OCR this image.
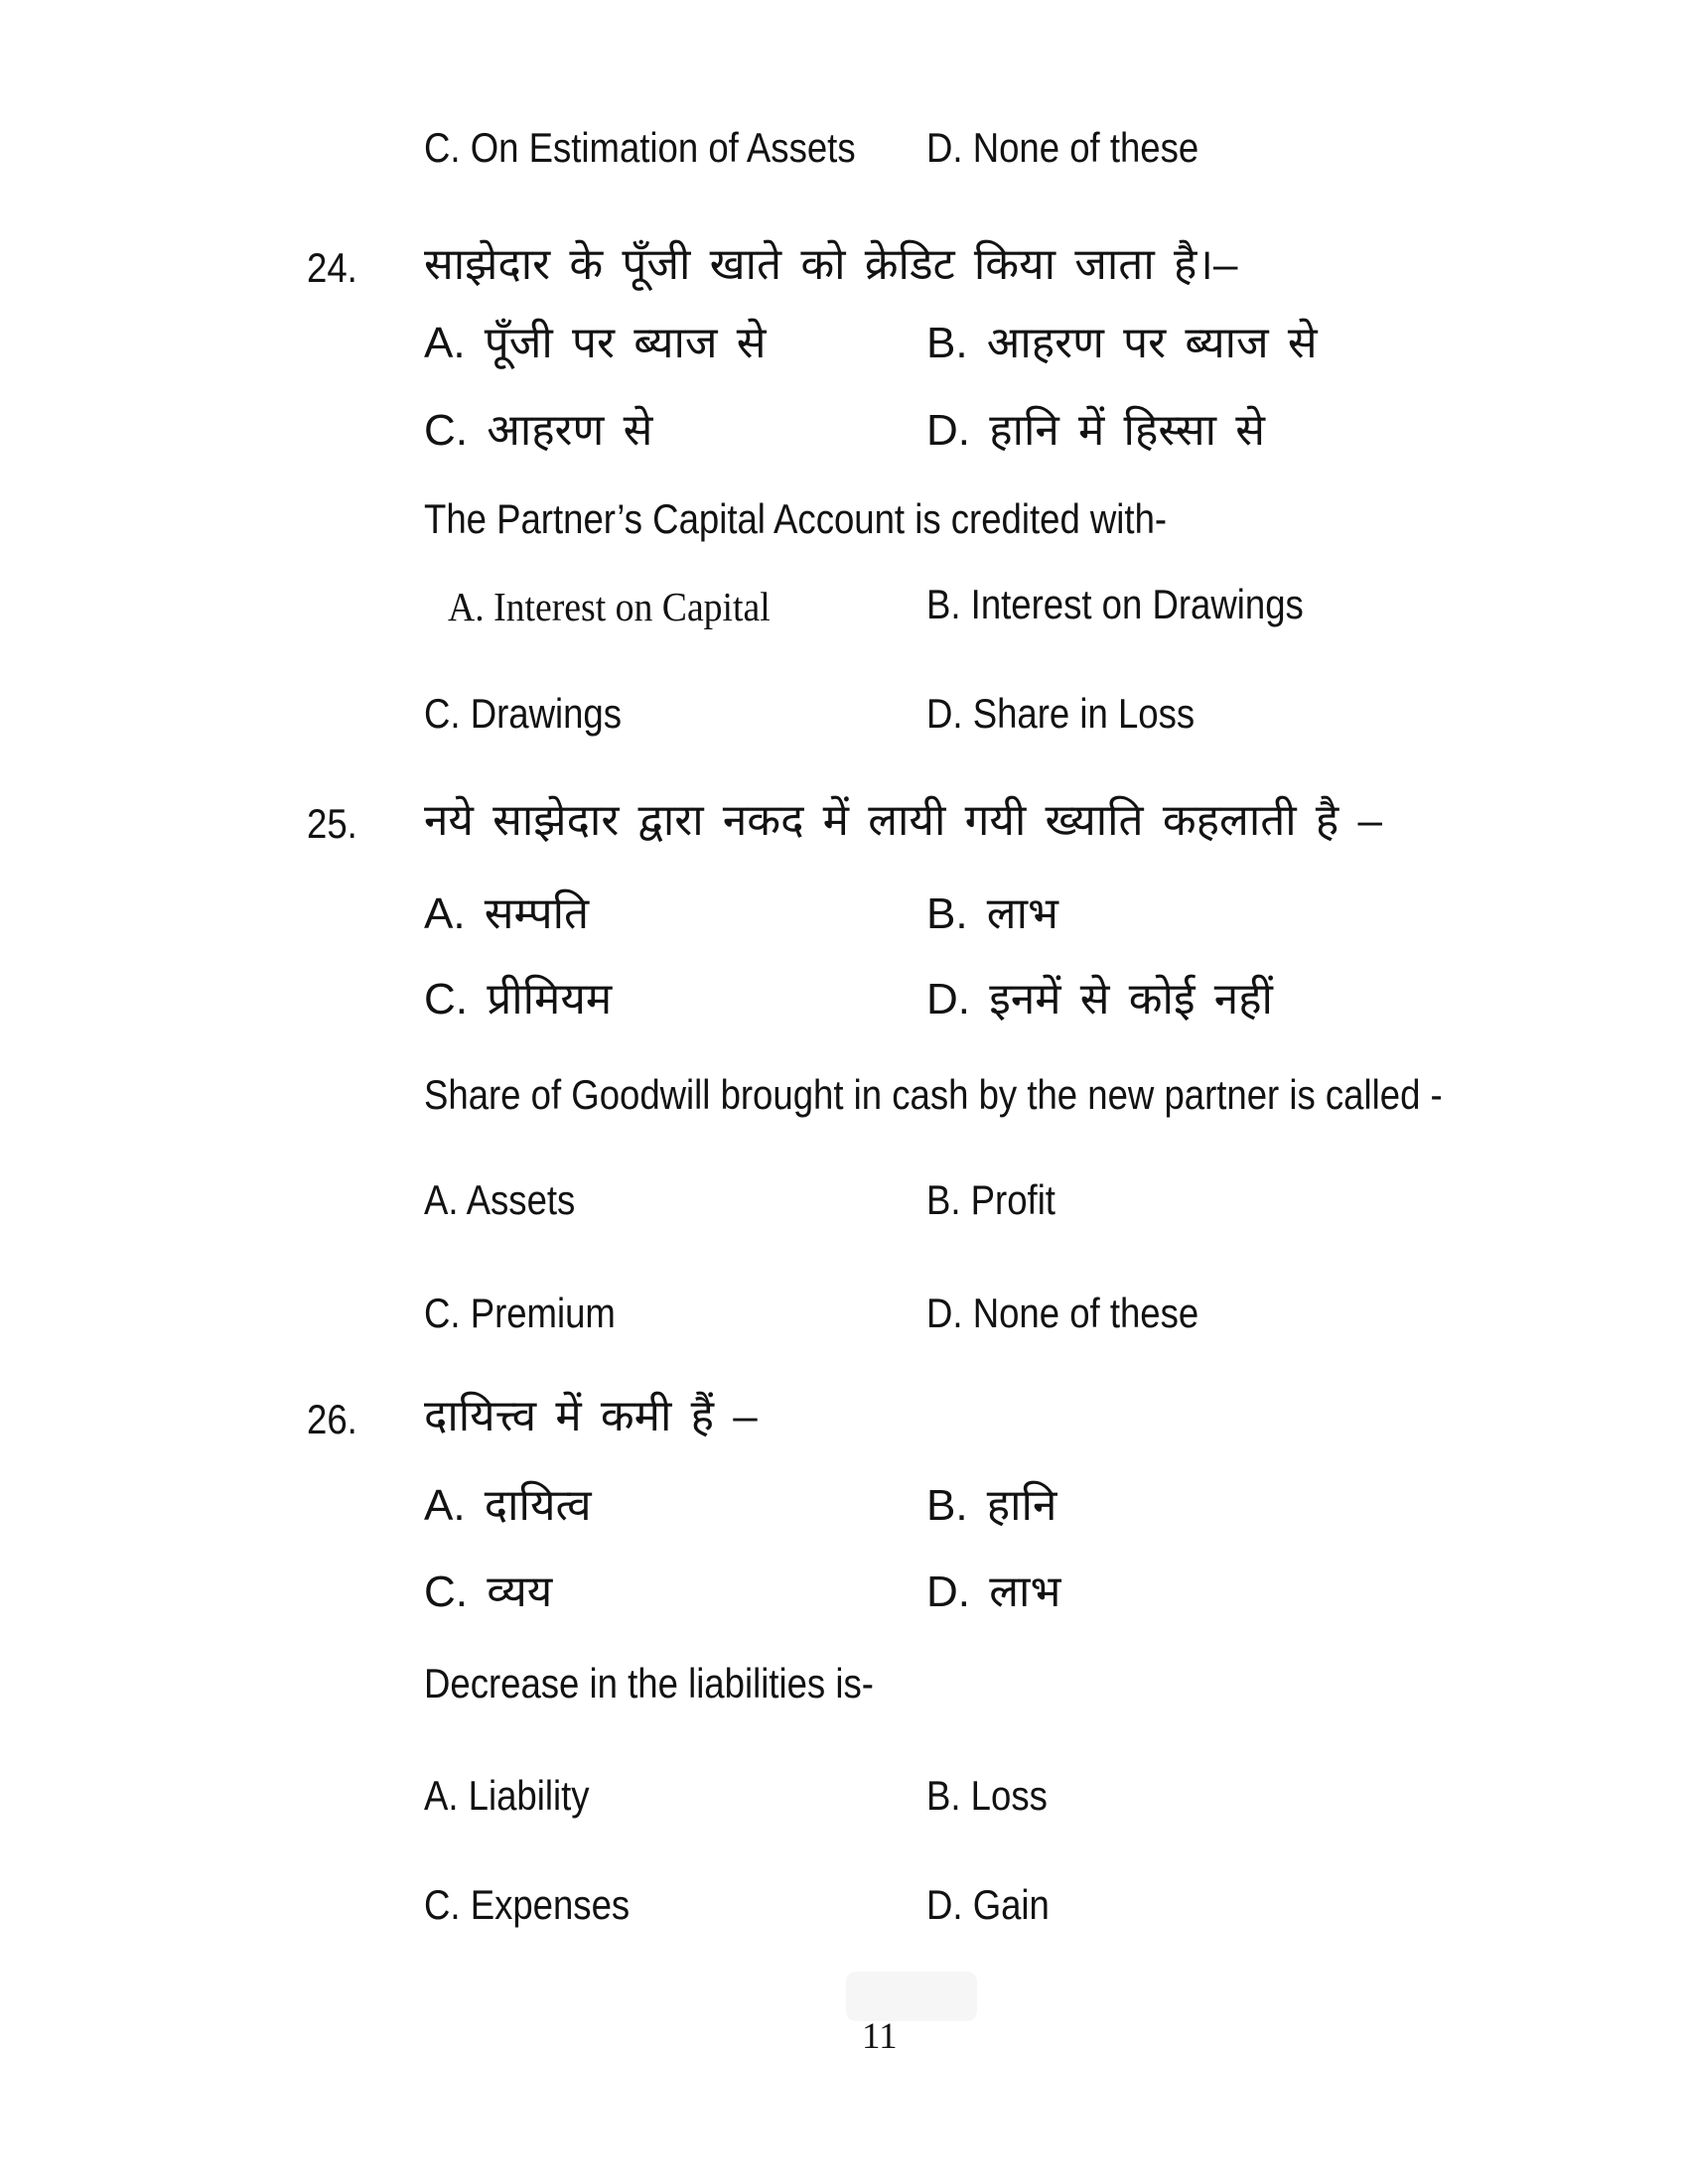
C. On Estimation of Assets	D. None of these
24. साझेदार के पूँजी खाते को क्रेडिट किया जाता है।–
A. पूँजी पर ब्याज से	B. आहरण पर ब्याज से
C. आहरण से	D. हानि में हिस्सा से
The Partner’s Capital Account is credited with-
A. Interest on Capital	B. Interest on Drawings
C. Drawings	D. Share in Loss
25. नये साझेदार द्वारा नकद में लायी गयी ख्याति कहलाती है –
A. सम्पति	B. लाभ
C. प्रीमियम	D. इनमें से कोई नहीं
Share of Goodwill brought in cash by the new partner is called -
A. Assets	B. Profit
C. Premium	D. None of these
26. दायित्त्व में कमी हैं –
A. दायित्व	B. हानि
C. व्यय	D. लाभ
Decrease in the liabilities is-
A. Liability	B. Loss
C. Expenses	D. Gain
11
